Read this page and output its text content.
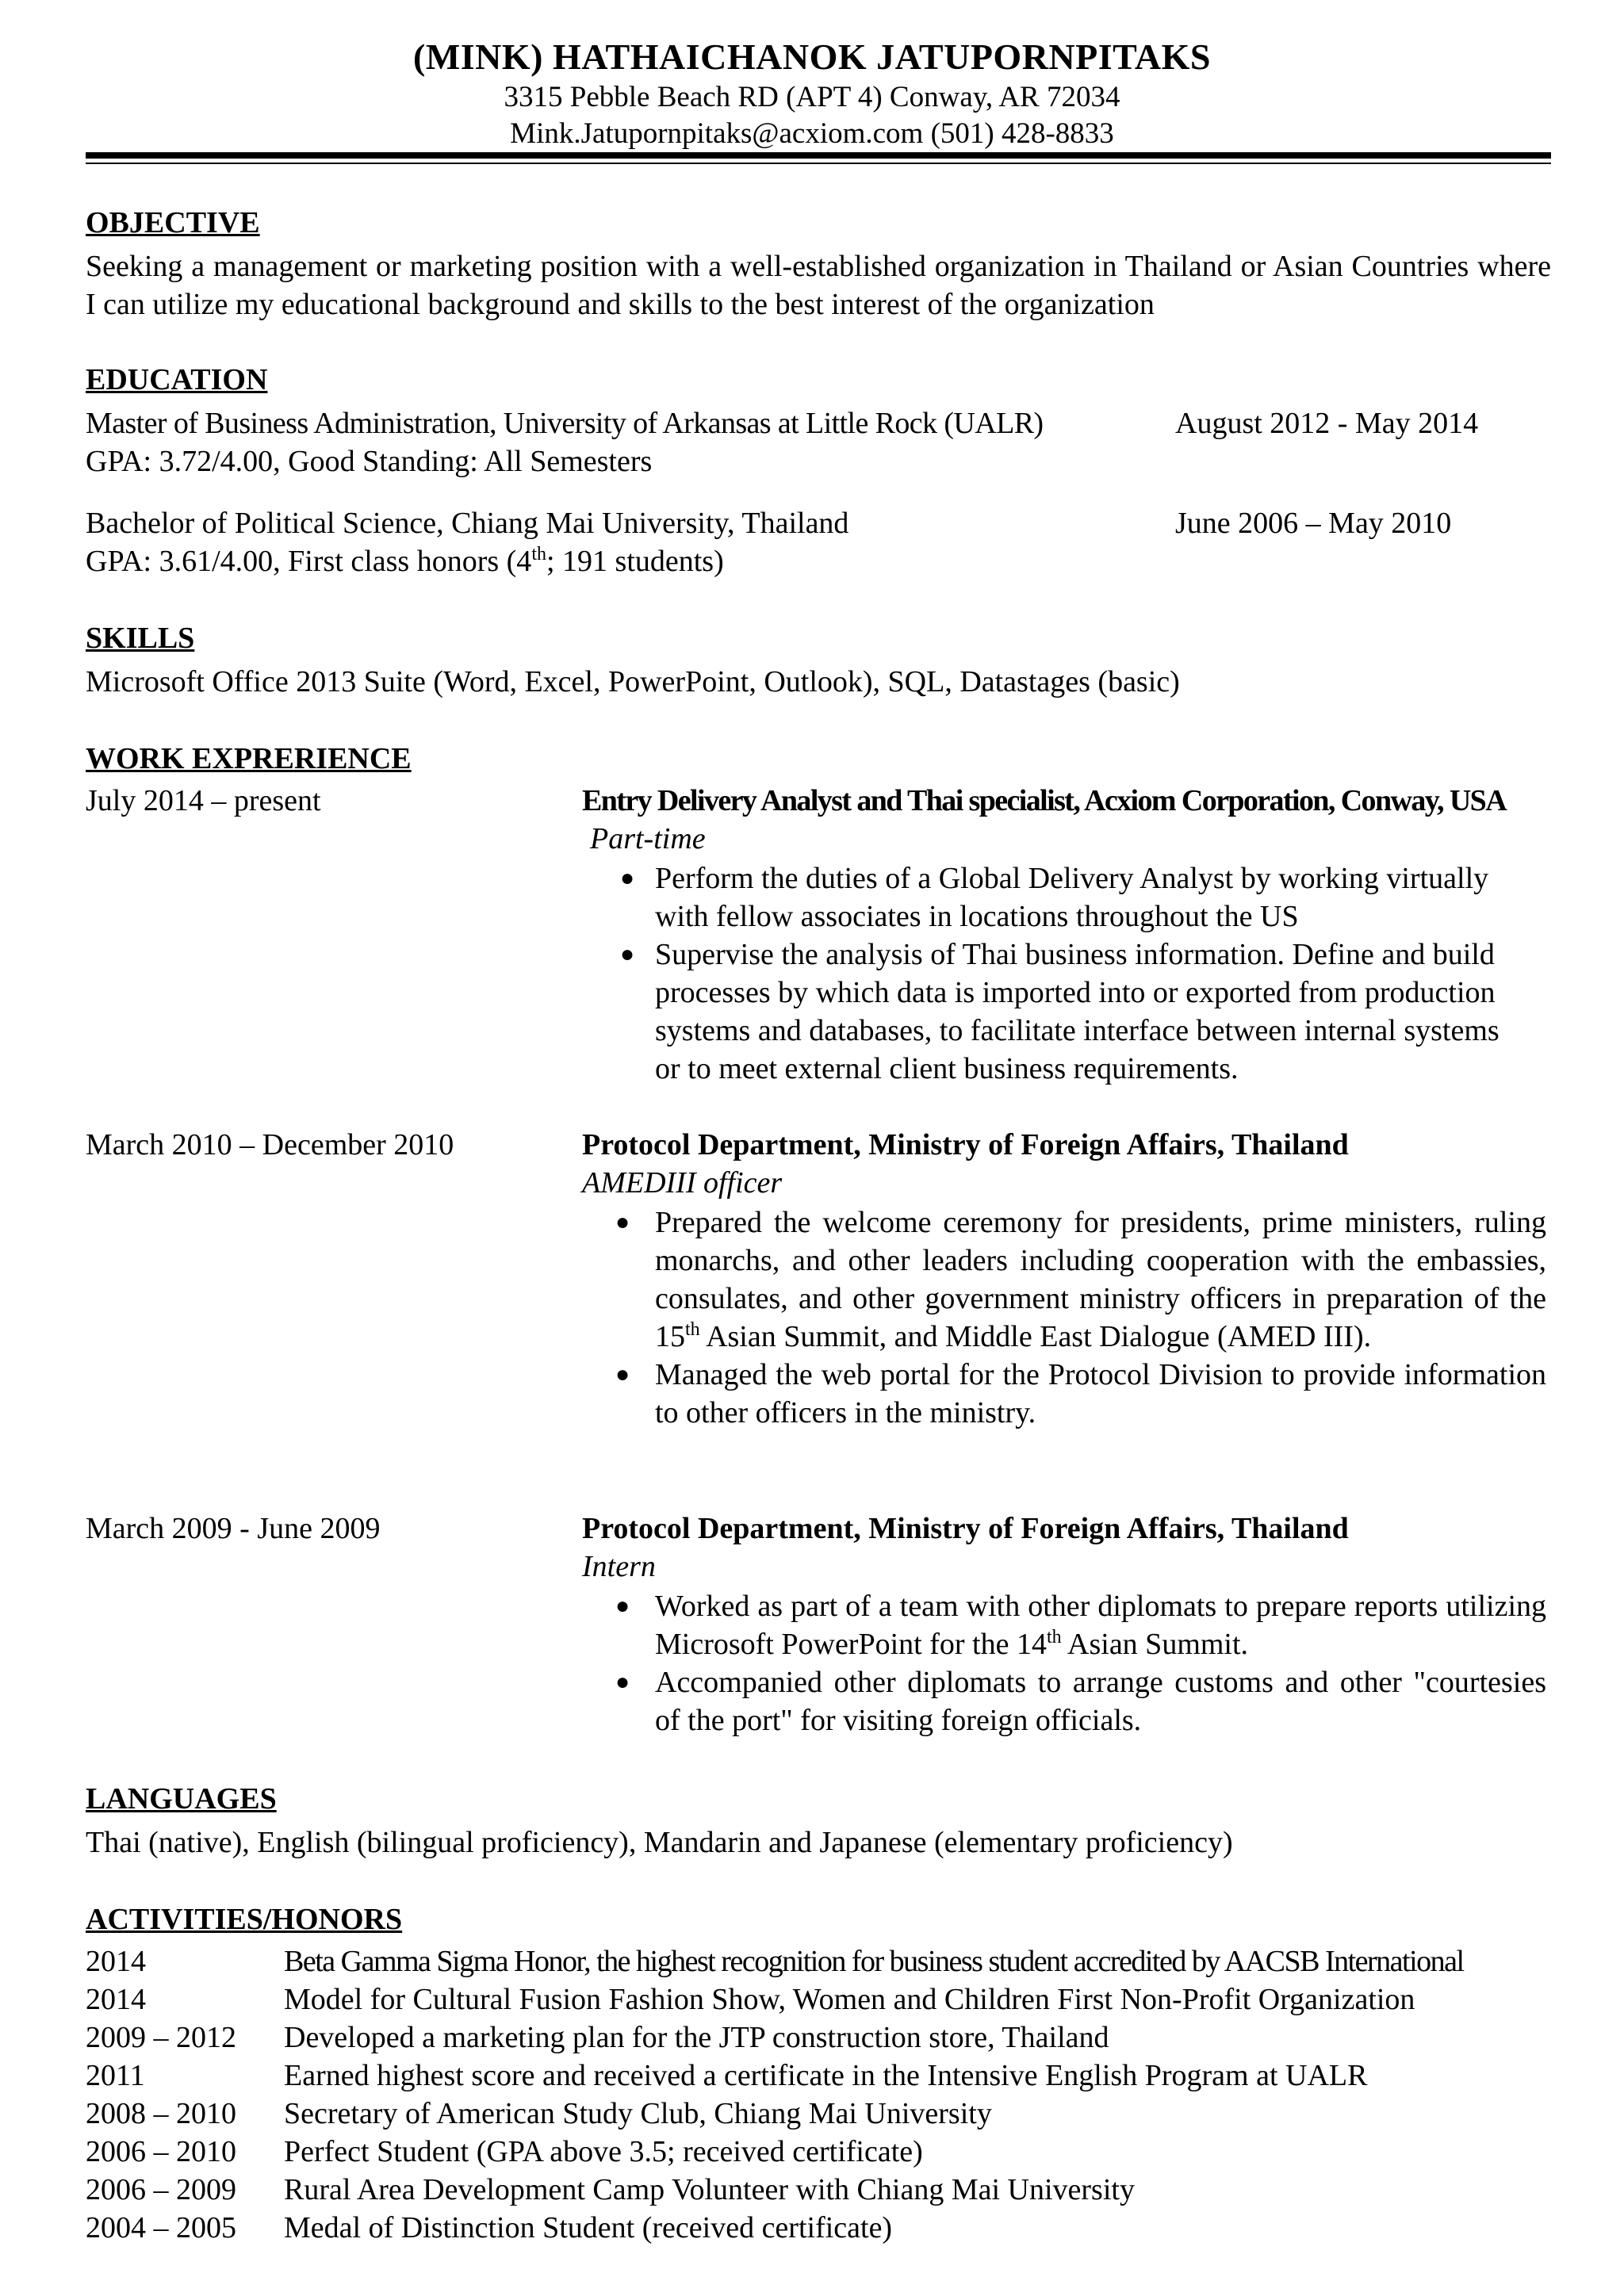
(MINK) HATHAICHANOK JATUPORNPITAKS
3315 Pebble Beach RD (APT 4) Conway, AR 72034
Mink.Jatupornpitaks@acxiom.com (501) 428-8833
OBJECTIVE
Seeking a management or marketing position with a well-established organization in Thailand or Asian Countries where I can utilize my educational background and skills to the best interest of the organization
EDUCATION
Master of Business Administration, University of Arkansas at Little Rock (UALR)	August 2012 - May 2014
GPA: 3.72/4.00, Good Standing: All Semesters
Bachelor of Political Science, Chiang Mai University, Thailand	June 2006 – May 2010
GPA: 3.61/4.00, First class honors (4th; 191 students)
SKILLS
Microsoft Office 2013 Suite (Word, Excel, PowerPoint, Outlook), SQL, Datastages (basic)
WORK EXPRERIENCE
July 2014 – present	Entry Delivery Analyst and Thai specialist, Acxiom Corporation, Conway, USA
Part-time
● Perform the duties of a Global Delivery Analyst by working virtually with fellow associates in locations throughout the US
● Supervise the analysis of Thai business information. Define and build processes by which data is imported into or exported from production systems and databases, to facilitate interface between internal systems or to meet external client business requirements.
March 2010 – December 2010	Protocol Department, Ministry of Foreign Affairs, Thailand
AMEDIII officer
● Prepared the welcome ceremony for presidents, prime ministers, ruling monarchs, and other leaders including cooperation with the embassies, consulates, and other government ministry officers in preparation of the 15th Asian Summit, and Middle East Dialogue (AMED III).
● Managed the web portal for the Protocol Division to provide information to other officers in the ministry.
March 2009 - June 2009	Protocol Department, Ministry of Foreign Affairs, Thailand
Intern
● Worked as part of a team with other diplomats to prepare reports utilizing Microsoft PowerPoint for the 14th Asian Summit.
● Accompanied other diplomats to arrange customs and other "courtesies of the port" for visiting foreign officials.
LANGUAGES
Thai (native), English (bilingual proficiency), Mandarin and Japanese (elementary proficiency)
ACTIVITIES/HONORS
2014	Beta Gamma Sigma Honor, the highest recognition for business student accredited by AACSB International
2014	Model for Cultural Fusion Fashion Show, Women and Children First Non-Profit Organization
2009 – 2012 Developed a marketing plan for the JTP construction store, Thailand
2011	Earned highest score and received a certificate in the Intensive English Program at UALR
2008 – 2010 Secretary of American Study Club, Chiang Mai University
2006 – 2010 Perfect Student (GPA above 3.5; received certificate)
2006 – 2009 Rural Area Development Camp Volunteer with Chiang Mai University
2004 – 2005 Medal of Distinction Student (received certificate)
